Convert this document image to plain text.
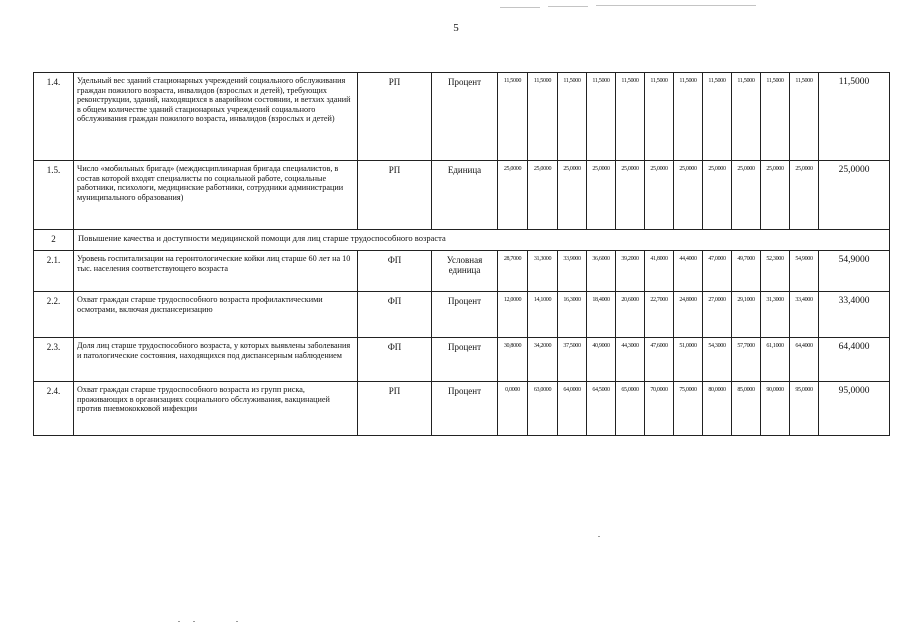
5
1.4.	Удельный вес зданий стационарных учреждений социального обслуживания граждан пожилого возраста, инвалидов (взрослых и детей), требующих реконструкции, зданий, находящихся в аварийном состоянии, и ветхих зданий в общем количестве зданий стационарных учреждений социального обслуживания граждан пожилого возраста, инвалидов (взрослых и детей)	РП	Процент	11,5000	11,5000	11,5000	11,5000	11,5000	11,5000	11,5000	11,5000	11,5000	11,5000	11,5000	11,5000
1.5.	Число «мобильных бригад» (междисциплинарная бригада специалистов, в состав которой входят специалисты по социальной работе, социальные работники, психологи, медицинские работники, сотрудники администрации муниципального образования)	РП	Единица	25,0000	25,0000	25,0000	25,0000	25,0000	25,0000	25,0000	25,0000	25,0000	25,0000	25,0000	25,0000
2	Повышение качества и доступности медицинской помощи для лиц старше трудоспособного возраста														
2.1.	Уровень госпитализации на геронтологические койки лиц старше 60 лет на 10 тыс. населения соответствующего возраста	ФП	Условная единица	28,7000	31,3000	33,9000	36,6000	39,2000	41,8000	44,4000	47,0000	49,7000	52,3000	54,9000	54,9000
2.2.	Охват граждан старше трудоспособного возраста профилактическими осмотрами, включая диспансеризацию	ФП	Процент	12,0000	14,1000	16,3000	18,4000	20,6000	22,7000	24,8000	27,0000	29,1000	31,3000	33,4000	33,4000
2.3.	Доля лиц старше трудоспособного возраста, у которых выявлены заболевания и патологические состояния, находящихся под диспансерным наблюдением	ФП	Процент	30,8000	34,2000	37,5000	40,9000	44,3000	47,6000	51,0000	54,3000	57,7000	61,1000	64,4000	64,4000
2.4.	Охват граждан старше трудоспособного возраста из групп риска, проживающих в организациях социального обслуживания, вакцинацией против пневмококковой инфекции	РП	Процент	0,0000	63,0000	64,0000	64,5000	65,0000	70,0000	75,0000	80,0000	85,0000	90,0000	95,0000	95,0000
